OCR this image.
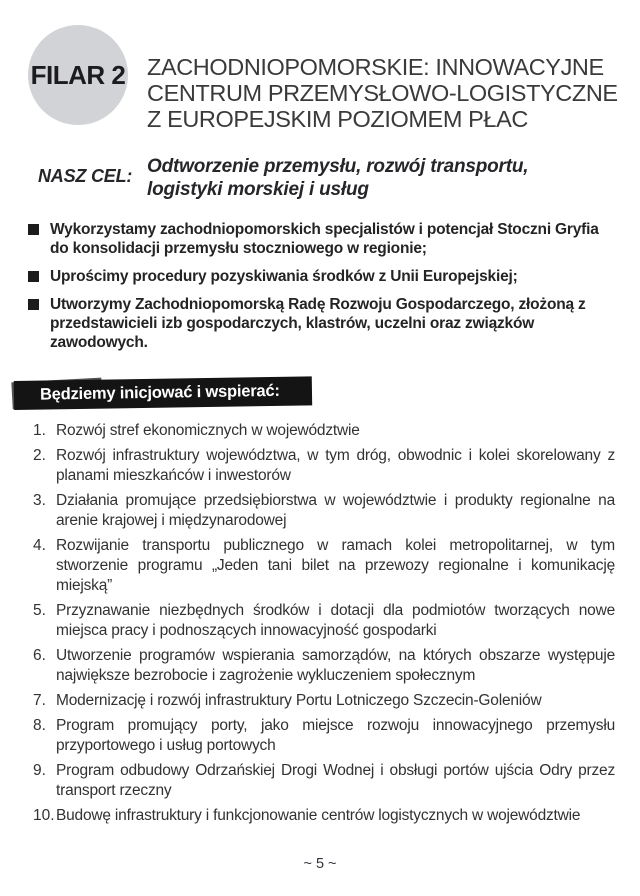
FILAR 2 ZACHODNIOPOMORSKIE: INNOWACYJNE
CENTRUM PRZEMYSŁOWO-LOGISTYCZNE
Z EUROPEJSKIM POZIOMEM PŁAC
NASZ CEL: Odtworzenie przemysłu, rozwój transportu,
logistyki morskiej i usług
Wykorzystamy zachodniopomorskich specjalistów i potencjał Stoczni Gryfia do konsolidacji przemysłu stoczniowego w regionie;
Uprościmy procedury pozyskiwania środków z Unii Europejskiej;
Utworzymy Zachodniopomorską Radę Rozwoju Gospodarczego, złożoną z przedstawicieli izb gospodarczych, klastrów, uczelni oraz związków zawodowych.
Będziemy inicjować i wspierać:
1. Rozwój stref ekonomicznych w województwie
2. Rozwój infrastruktury województwa, w tym dróg, obwodnic i kolei skorelowany z planami mieszkańców i inwestorów
3. Działania promujące przedsiębiorstwa w województwie i produkty regionalne na arenie krajowej i międzynarodowej
4. Rozwijanie transportu publicznego w ramach kolei metropolitarnej, w tym stworzenie programu „Jeden tani bilet na przewozy regionalne i komunikację miejską”
5. Przyznawanie niezbędnych środków i dotacji dla podmiotów tworzących nowe miejsca pracy i podnoszących innowacyjność gospodarki
6. Utworzenie programów wspierania samorządów, na których obszarze występuje największe bezrobocie i zagrożenie wykluczeniem społecznym
7. Modernizację i rozwój infrastruktury Portu Lotniczego Szczecin-Goleniów
8. Program promujący porty, jako miejsce rozwoju innowacyjnego przemysłu przyportowego i usług portowych
9. Program odbudowy Odrzańskiej Drogi Wodnej i obsługi portów ujścia Odry przez transport rzeczny
10. Budowę infrastruktury i funkcjonowanie centrów logistycznych w województwie
~ 5 ~
